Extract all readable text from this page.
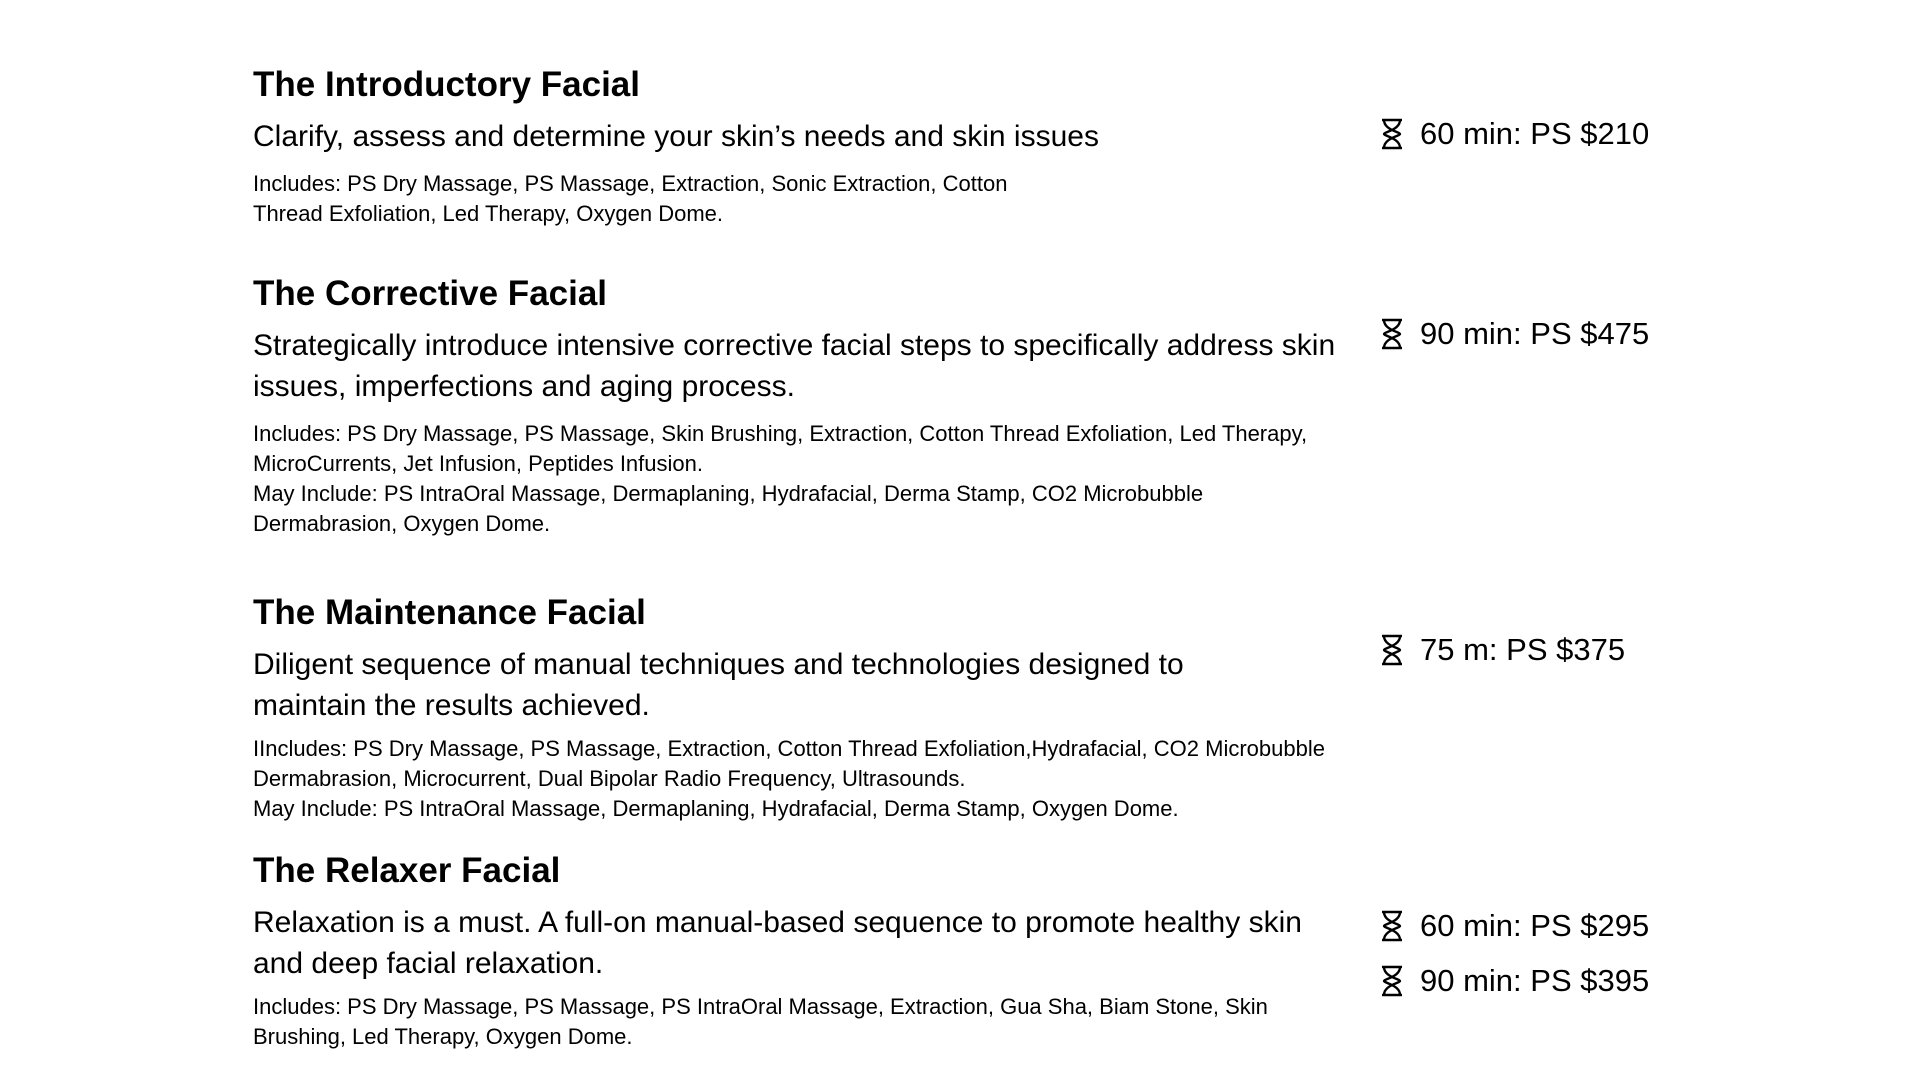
The Introductory Facial

Clarify, assess and determine your skin’s needs and skin issues

Includes: PS Dry Massage, PS Massage, Extraction, Sonic Extraction, Cotton Thread Exfoliation, Led Therapy, Oxygen Dome.

60 min: PS $210
The Corrective Facial

Strategically introduce intensive corrective facial steps to specifically address skin issues, imperfections and aging process.

Includes: PS Dry Massage, PS Massage, Skin Brushing, Extraction, Cotton Thread Exfoliation, Led Therapy, MicroCurrents, Jet Infusion, Peptides Infusion.
May Include: PS IntraOral Massage, Dermaplaning, Hydrafacial, Derma Stamp, CO2 Microbubble Dermabrasion, Oxygen Dome.

90 min: PS $475
The Maintenance Facial

Diligent sequence of manual techniques and technologies designed to maintain the results achieved.

IIncludes: PS Dry Massage, PS Massage, Extraction, Cotton Thread Exfoliation,Hydrafacial, CO2 Microbubble Dermabrasion, Microcurrent, Dual Bipolar Radio Frequency, Ultrasounds.
May Include: PS IntraOral Massage, Dermaplaning, Hydrafacial, Derma Stamp, Oxygen Dome.

75 m: PS $375
The Relaxer Facial

Relaxation is a must. A full-on manual-based sequence to promote healthy skin and deep facial relaxation.

Includes: PS Dry Massage, PS Massage, PS IntraOral Massage, Extraction, Gua Sha, Biam Stone, Skin Brushing, Led Therapy, Oxygen Dome.

60 min: PS $295
90 min: PS $395
